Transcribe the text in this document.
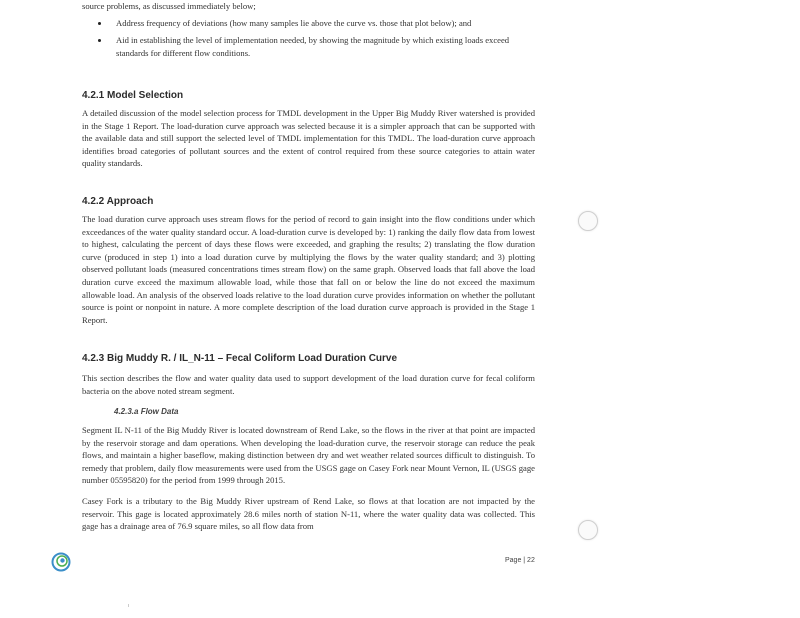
source problems, as discussed immediately below;
Address frequency of deviations (how many samples lie above the curve vs. those that plot below); and
Aid in establishing the level of implementation needed, by showing the magnitude by which existing loads exceed standards for different flow conditions.
4.2.1 Model Selection
A detailed discussion of the model selection process for TMDL development in the Upper Big Muddy River watershed is provided in the Stage 1 Report. The load-duration curve approach was selected because it is a simpler approach that can be supported with the available data and still support the selected level of TMDL implementation for this TMDL. The load-duration curve approach identifies broad categories of pollutant sources and the extent of control required from these source categories to attain water quality standards.
4.2.2 Approach
The load duration curve approach uses stream flows for the period of record to gain insight into the flow conditions under which exceedances of the water quality standard occur. A load-duration curve is developed by: 1) ranking the daily flow data from lowest to highest, calculating the percent of days these flows were exceeded, and graphing the results; 2) translating the flow duration curve (produced in step 1) into a load duration curve by multiplying the flows by the water quality standard; and 3) plotting observed pollutant loads (measured concentrations times stream flow) on the same graph. Observed loads that fall above the load duration curve exceed the maximum allowable load, while those that fall on or below the line do not exceed the maximum allowable load. An analysis of the observed loads relative to the load duration curve provides information on whether the pollutant source is point or nonpoint in nature. A more complete description of the load duration curve approach is provided in the Stage 1 Report.
4.2.3 Big Muddy R. / IL_N-11 – Fecal Coliform Load Duration Curve
This section describes the flow and water quality data used to support development of the load duration curve for fecal coliform bacteria on the above noted stream segment.
4.2.3.a Flow Data
Segment IL N-11 of the Big Muddy River is located downstream of Rend Lake, so the flows in the river at that point are impacted by the reservoir storage and dam operations. When developing the load-duration curve, the reservoir storage can reduce the peak flows, and maintain a higher baseflow, making distinction between dry and wet weather related sources difficult to distinguish. To remedy that problem, daily flow measurements were used from the USGS gage on Casey Fork near Mount Vernon, IL (USGS gage number 05595820) for the period from 1999 through 2015.
Casey Fork is a tributary to the Big Muddy River upstream of Rend Lake, so flows at that location are not impacted by the reservoir. This gage is located approximately 28.6 miles north of station N-11, where the water quality data was collected. This gage has a drainage area of 76.9 square miles, so all flow data from
Page | 22
